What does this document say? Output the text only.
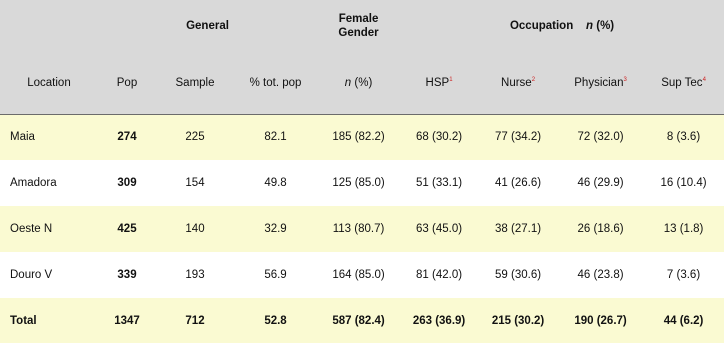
	General			Female
Gender	Occupation n (%)			
Location	Pop	Sample	% tot. pop	n (%)	HSP$^1$	Nurse$^2$	Physician$^3$	Sup Tec$^4$
Maia	274	225	82.1	185 (82.2)	68 (30.2)	77 (34.2)	72 (32.0)	8 (3.6)
Amadora	309	154	49.8	125 (85.0)	51 (33.1)	41 (26.6)	46 (29.9)	16 (10.4)
Oeste N	425	140	32.9	113 (80.7)	63 (45.0)	38 (27.1)	26 (18.6)	13 (1.8)
Douro V	339	193	56.9	164 (85.0)	81 (42.0)	59 (30.6)	46 (23.8)	7 (3.6)
Total	1347	712	52.8	587 (82.4)	263 (36.9)	215 (30.2)	190 (26.7)	44 (6.2)
